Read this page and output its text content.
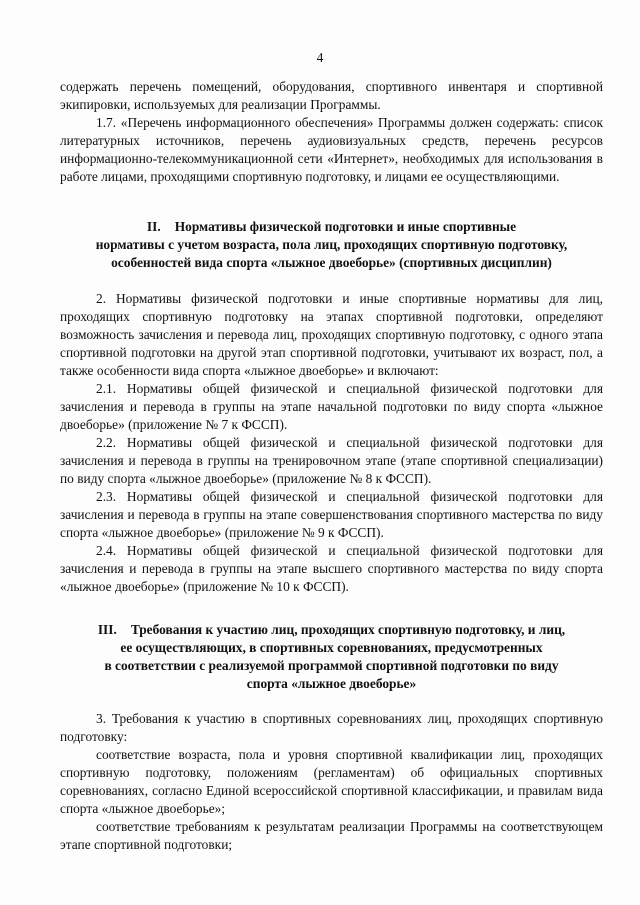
4

содержать перечень помещений, оборудования, спортивного инвентаря и спортивной экипировки, используемых для реализации Программы.

1.7. «Перечень информационного обеспечения» Программы должен содержать: список литературных источников, перечень аудиовизуальных средств, перечень ресурсов информационно-телекоммуникационной сети «Интернет», необходимых для использования в работе лицами, проходящими спортивную подготовку, и лицами ее осуществляющими.

II. Нормативы физической подготовки и иные спортивные
нормативы с учетом возраста, пола лиц, проходящих спортивную подготовку,
особенностей вида спорта «лыжное двоеборье» (спортивных дисциплин)

2. Нормативы физической подготовки и иные спортивные нормативы для лиц, проходящих спортивную подготовку на этапах спортивной подготовки, определяют возможность зачисления и перевода лиц, проходящих спортивную подготовку, с одного этапа спортивной подготовки на другой этап спортивной подготовки, учитывают их возраст, пол, а также особенности вида спорта «лыжное двоеборье» и включают:

2.1. Нормативы общей физической и специальной физической подготовки для зачисления и перевода в группы на этапе начальной подготовки по виду спорта «лыжное двоеборье» (приложение № 7 к ФССП).

2.2. Нормативы общей физической и специальной физической подготовки для зачисления и перевода в группы на тренировочном этапе (этапе спортивной специализации) по виду спорта «лыжное двоеборье» (приложение № 8 к ФССП).

2.3. Нормативы общей физической и специальной физической подготовки для зачисления и перевода в группы на этапе совершенствования спортивного мастерства по виду спорта «лыжное двоеборье» (приложение № 9 к ФССП).

2.4. Нормативы общей физической и специальной физической подготовки для зачисления и перевода в группы на этапе высшего спортивного мастерства по виду спорта «лыжное двоеборье» (приложение № 10 к ФССП).

III. Требования к участию лиц, проходящих спортивную подготовку, и лиц,
ее осуществляющих, в спортивных соревнованиях, предусмотренных
в соответствии с реализуемой программой спортивной подготовки по виду
спорта «лыжное двоеборье»

3. Требования к участию в спортивных соревнованиях лиц, проходящих спортивную подготовку:

соответствие возраста, пола и уровня спортивной квалификации лиц, проходящих спортивную подготовку, положениям (регламентам) об официальных спортивных соревнованиях, согласно Единой всероссийской спортивной классификации, и правилам вида спорта «лыжное двоеборье»;

соответствие требованиям к результатам реализации Программы на соответствующем этапе спортивной подготовки;
